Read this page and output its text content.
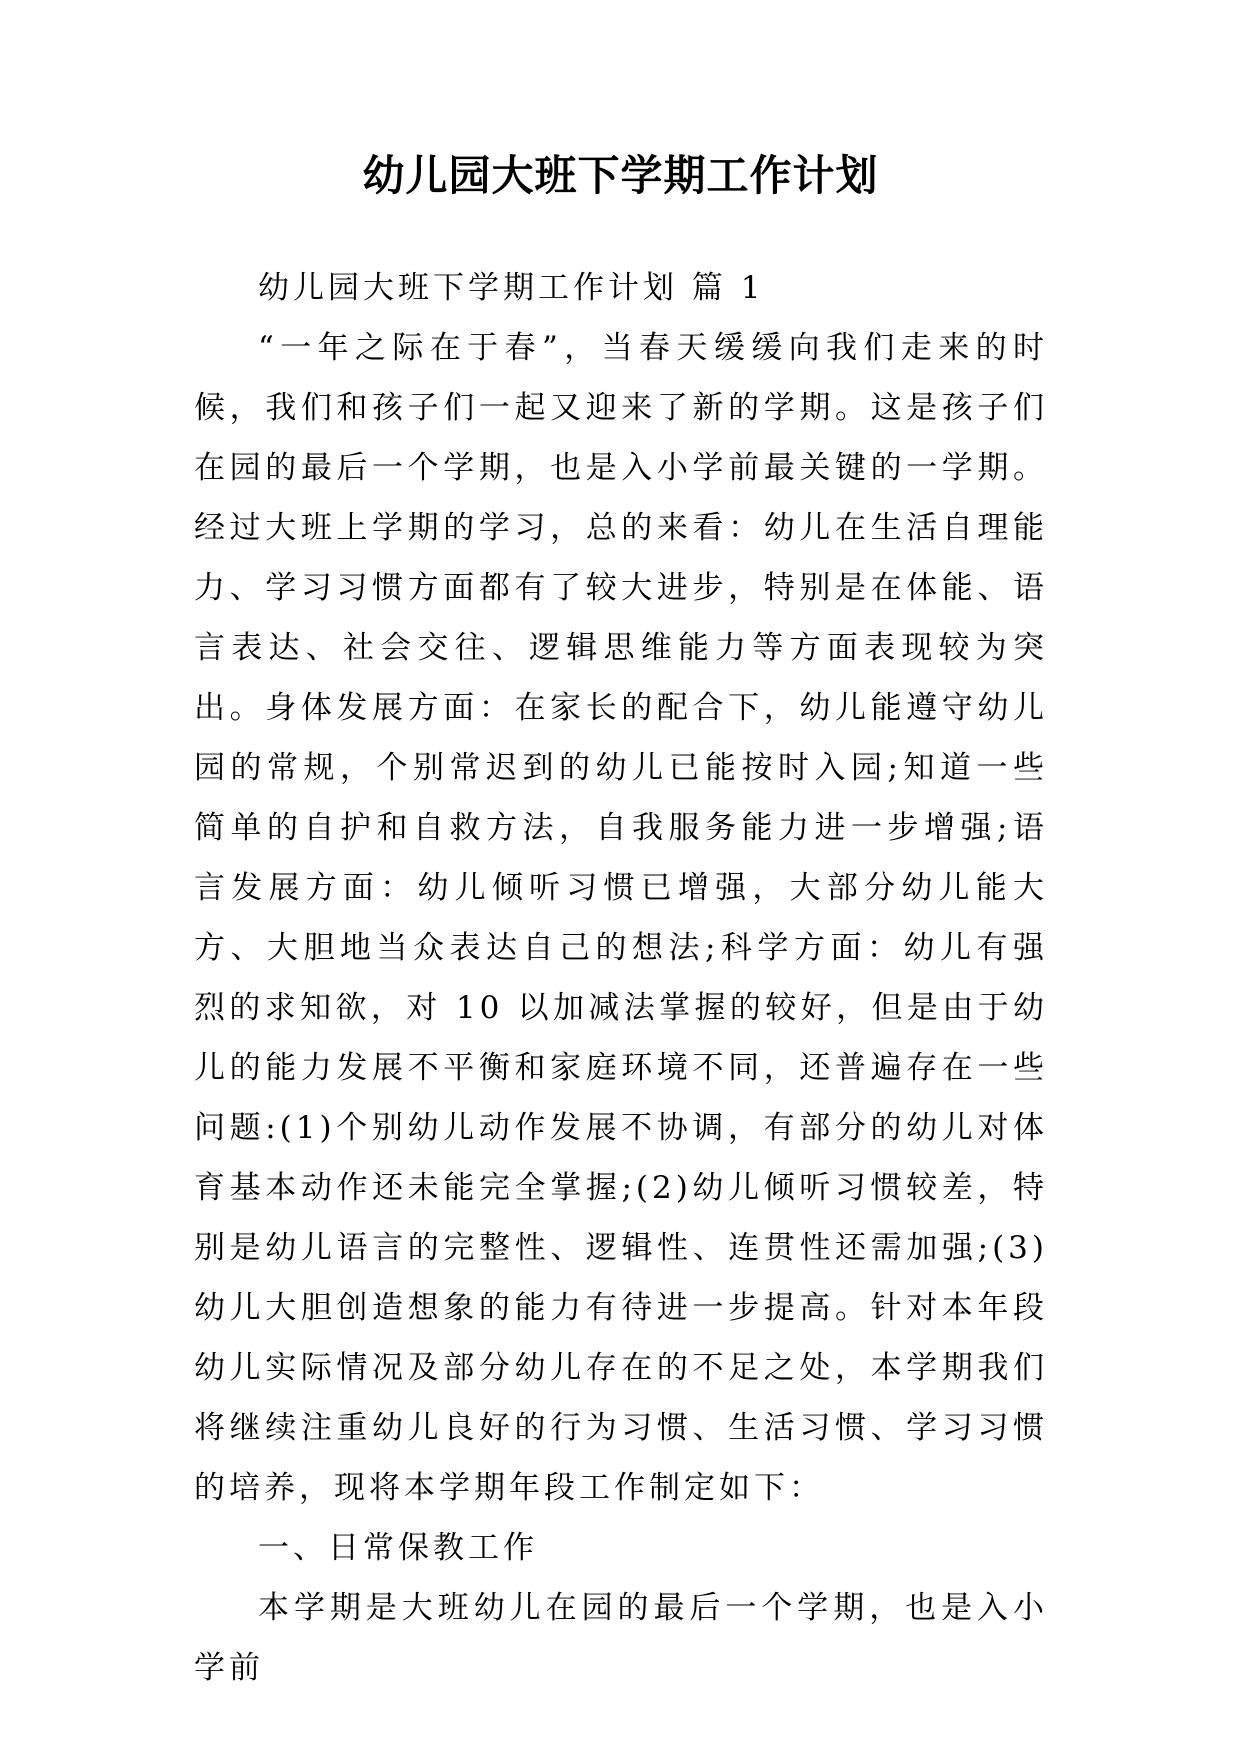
幼儿园大班下学期工作计划

幼儿园大班下学期工作计划 篇 1

“一年之际在于春”，当春天缓缓向我们走来的时候，我们和孩子们一起又迎来了新的学期。这是孩子们在园的最后一个学期，也是入小学前最关键的一学期。经过大班上学期的学习，总的来看：幼儿在生活自理能力、学习习惯方面都有了较大进步，特别是在体能、语言表达、社会交往、逻辑思维能力等方面表现较为突出。身体发展方面：在家长的配合下，幼儿能遵守幼儿园的常规，个别常迟到的幼儿已能按时入园;知道一些简单的自护和自救方法，自我服务能力进一步增强;语言发展方面：幼儿倾听习惯已增强，大部分幼儿能大方、大胆地当众表达自己的想法;科学方面：幼儿有强烈的求知欲，对 10 以加减法掌握的较好，但是由于幼儿的能力发展不平衡和家庭环境不同，还普遍存在一些问题:(1)个别幼儿动作发展不协调，有部分的幼儿对体育基本动作还未能完全掌握;(2)幼儿倾听习惯较差，特别是幼儿语言的完整性、逻辑性、连贯性还需加强;(3)幼儿大胆创造想象的能力有待进一步提高。针对本年段幼儿实际情况及部分幼儿存在的不足之处，本学期我们将继续注重幼儿良好的行为习惯、生活习惯、学习习惯的培养，现将本学期年段工作制定如下：

一、日常保教工作

本学期是大班幼儿在园的最后一个学期，也是入小学前
